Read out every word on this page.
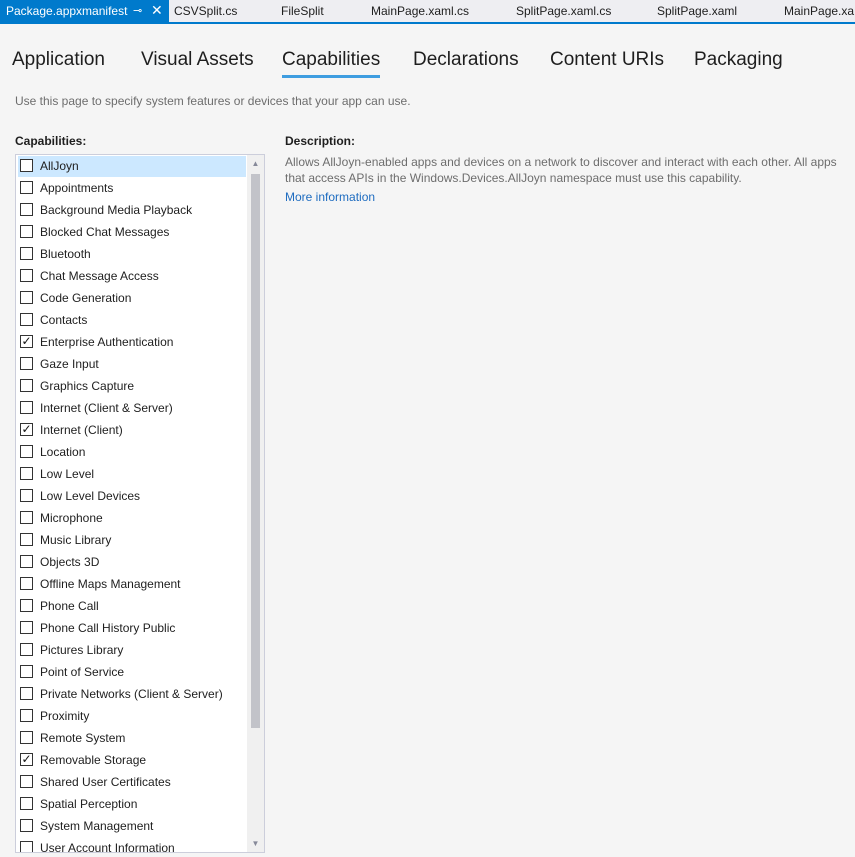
Package.appxmanifest ⊸ ✕ CSVSplit.cs	FileSplit	MainPage.xaml.cs	SplitPage.xaml.cs	SplitPage.xaml	MainPage.xa
Application Visual Assets Capabilities Declarations Content URIs Packaging
Use this page to specify system features or devices that your app can use.
Capabilities:	Description:
Allows AllJoyn-enabled apps and devices on a network to discover and interact with each other. All apps that access APIs in the Windows.Devices.AllJoyn namespace must use this capability.
More information
AllJoyn
Appointments
Background Media Playback
Blocked Chat Messages
Bluetooth
Chat Message Access
Code Generation
Contacts
✓ Enterprise Authentication
Gaze Input
Graphics Capture
Internet (Client & Server)
✓ Internet (Client)
Location
Low Level
Low Level Devices
Microphone
Music Library
Objects 3D
Offline Maps Management
Phone Call
Phone Call History Public
Pictures Library
Point of Service
Private Networks (Client & Server)
Proximity
Remote System
✓ Removable Storage
Shared User Certificates
Spatial Perception
System Management
User Account Information
▲
▼
